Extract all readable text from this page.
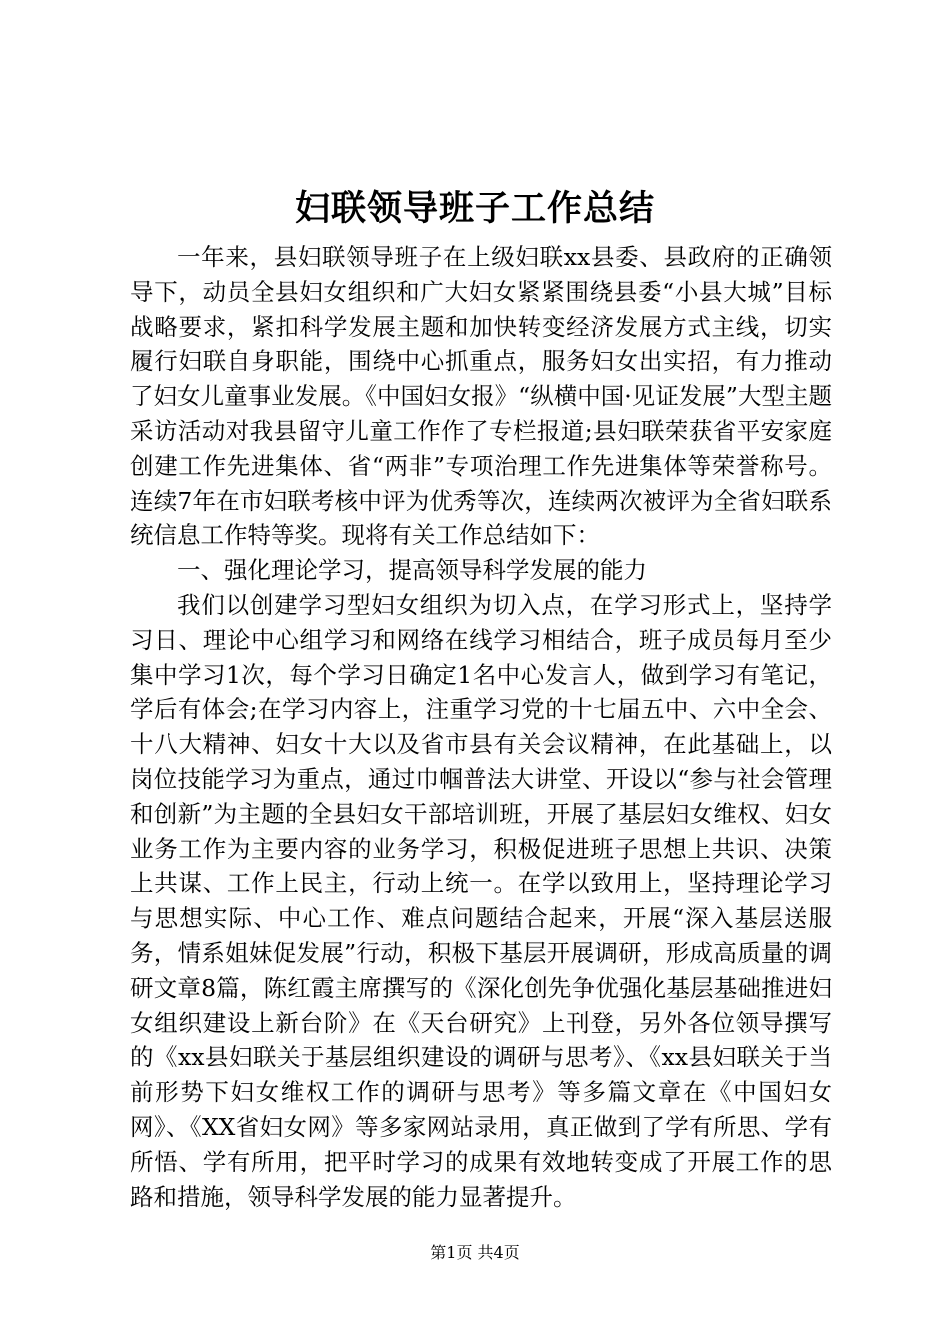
妇联领导班子工作总结

一年来，县妇联领导班子在上级妇联xx县委、县政府的正确领导下，动员全县妇女组织和广大妇女紧紧围绕县委“小县大城”目标战略要求，紧扣科学发展主题和加快转变经济发展方式主线，切实履行妇联自身职能，围绕中心抓重点，服务妇女出实招，有力推动了妇女儿童事业发展。《中国妇女报》“纵横中国·见证发展”大型主题采访活动对我县留守儿童工作作了专栏报道;县妇联荣获省平安家庭创建工作先进集体、省“两非”专项治理工作先进集体等荣誉称号。连续7年在市妇联考核中评为优秀等次，连续两次被评为全省妇联系统信息工作特等奖。现将有关工作总结如下：

一、强化理论学习，提高领导科学发展的能力

我们以创建学习型妇女组织为切入点，在学习形式上，坚持学习日、理论中心组学习和网络在线学习相结合，班子成员每月至少集中学习1次，每个学习日确定1名中心发言人，做到学习有笔记，学后有体会;在学习内容上，注重学习党的十七届五中、六中全会、十八大精神、妇女十大以及省市县有关会议精神，在此基础上，以岗位技能学习为重点，通过巾帼普法大讲堂、开设以“参与社会管理和创新”为主题的全县妇女干部培训班，开展了基层妇女维权、妇女业务工作为主要内容的业务学习，积极促进班子思想上共识、决策上共谋、工作上民主，行动上统一。在学以致用上，坚持理论学习与思想实际、中心工作、难点问题结合起来，开展“深入基层送服务，情系姐妹促发展”行动，积极下基层开展调研，形成高质量的调研文章8篇，陈红霞主席撰写的《深化创先争优强化基层基础推进妇女组织建设上新台阶》在《天台研究》上刊登，另外各位领导撰写的《xx县妇联关于基层组织建设的调研与思考》、《xx县妇联关于当前形势下妇女维权工作的调研与思考》等多篇文章在《中国妇女网》、《XX省妇女网》等多家网站录用，真正做到了学有所思、学有所悟、学有所用，把平时学习的成果有效地转变成了开展工作的思路和措施，领导科学发展的能力显著提升。

第1页 共4页
